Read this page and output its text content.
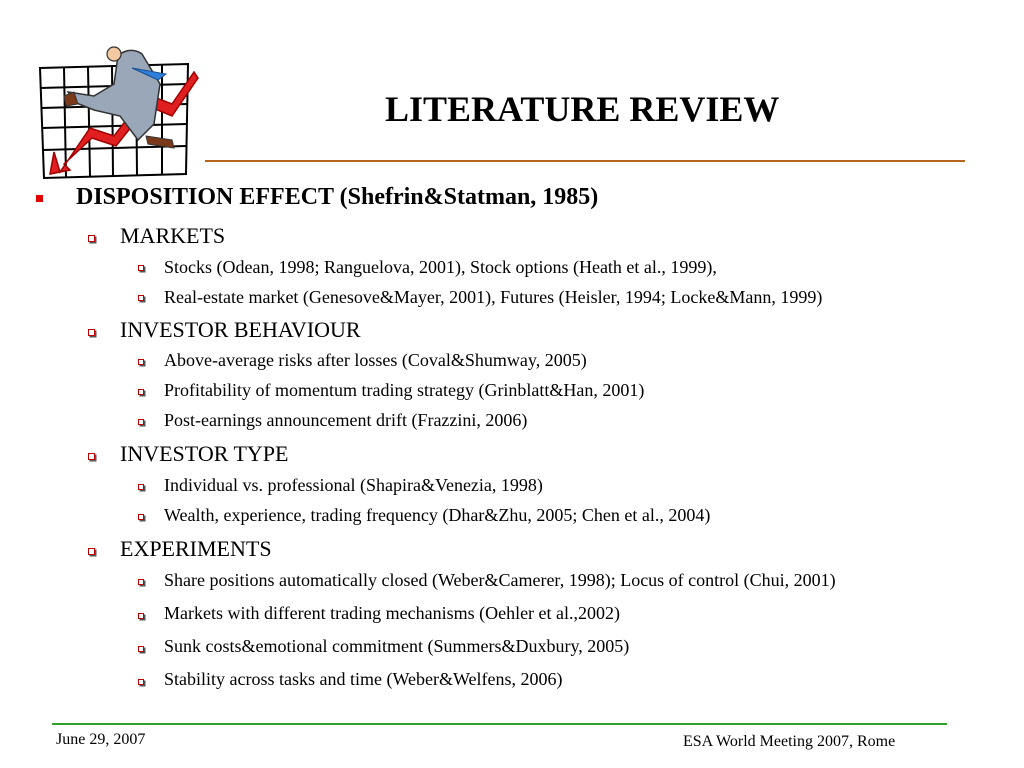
LITERATURE REVIEW
DISPOSITION EFFECT (Shefrin&Statman, 1985)
MARKETS
Stocks (Odean, 1998; Ranguelova, 2001), Stock options (Heath et al., 1999),
Real-estate market (Genesove&Mayer, 2001), Futures (Heisler, 1994; Locke&Mann, 1999)
INVESTOR BEHAVIOUR
Above-average risks after losses (Coval&Shumway, 2005)
Profitability of momentum trading strategy (Grinblatt&Han, 2001)
Post-earnings announcement drift (Frazzini, 2006)
INVESTOR TYPE
Individual vs. professional (Shapira&Venezia, 1998)
Wealth, experience, trading frequency (Dhar&Zhu, 2005; Chen et al., 2004)
EXPERIMENTS
Share positions automatically closed (Weber&Camerer, 1998); Locus of control (Chui, 2001)
Markets with different trading mechanisms (Oehler et al.,2002)
Sunk costs&emotional commitment (Summers&Duxbury, 2005)
Stability across tasks and time (Weber&Welfens, 2006)
June 29, 2007	ESA World Meeting 2007, Rome
